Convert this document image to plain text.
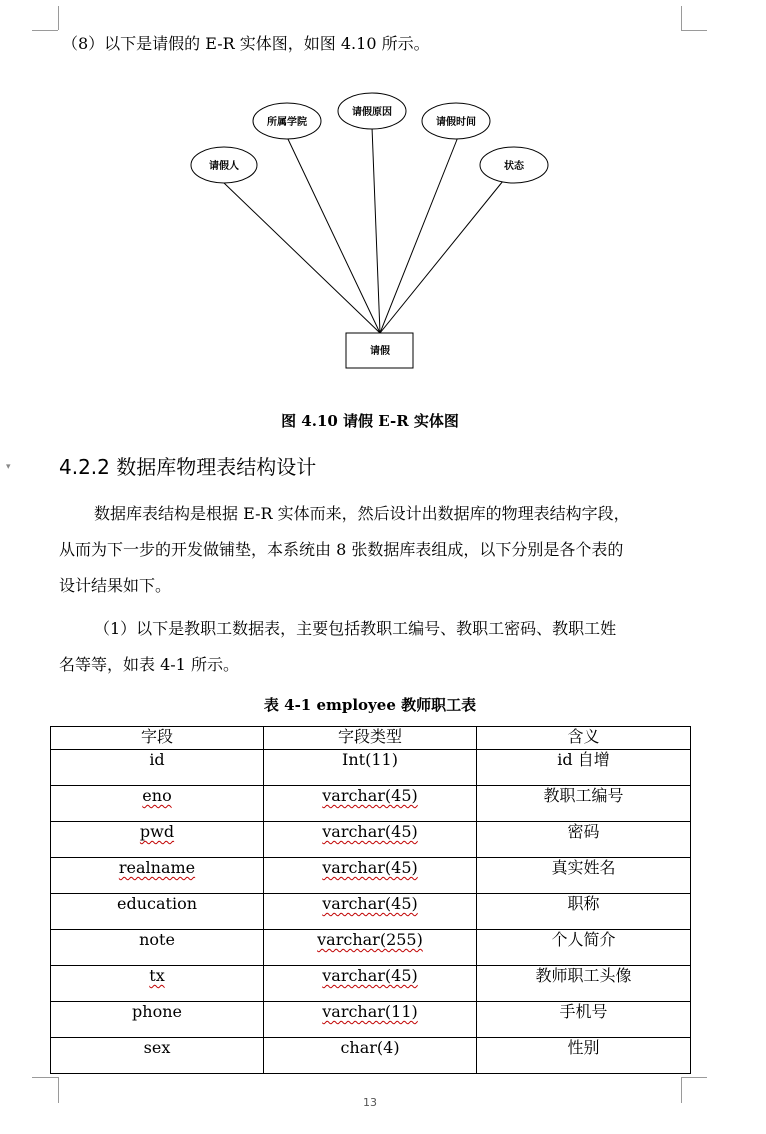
▾
（8）以下是请假的 E-R 实体图，如图 4.10 所示。
请假人
所属学院
请假原因
请假时间
状态
请假
图 4.10 请假 E-R 实体图
4.2.2 数据库物理表结构设计
数据库表结构是根据 E-R 实体而来，然后设计出数据库的物理表结构字段，
从而为下一步的开发做铺垫，本系统由 8 张数据库表组成，以下分别是各个表的
设计结果如下。
（1）以下是教职工数据表，主要包括教职工编号、教职工密码、教职工姓
名等等，如表 4-1 所示。
表 4-1 employee 教师职工表
字段	字段类型	含义
id	Int(11)	id 自增
eno	varchar(45)	教职工编号
pwd	varchar(45)	密码
realname	varchar(45)	真实姓名
education	varchar(45)	职称
note	varchar(255)	个人简介
tx	varchar(45)	教师职工头像
phone	varchar(11)	手机号
sex	char(4)	性别
13
